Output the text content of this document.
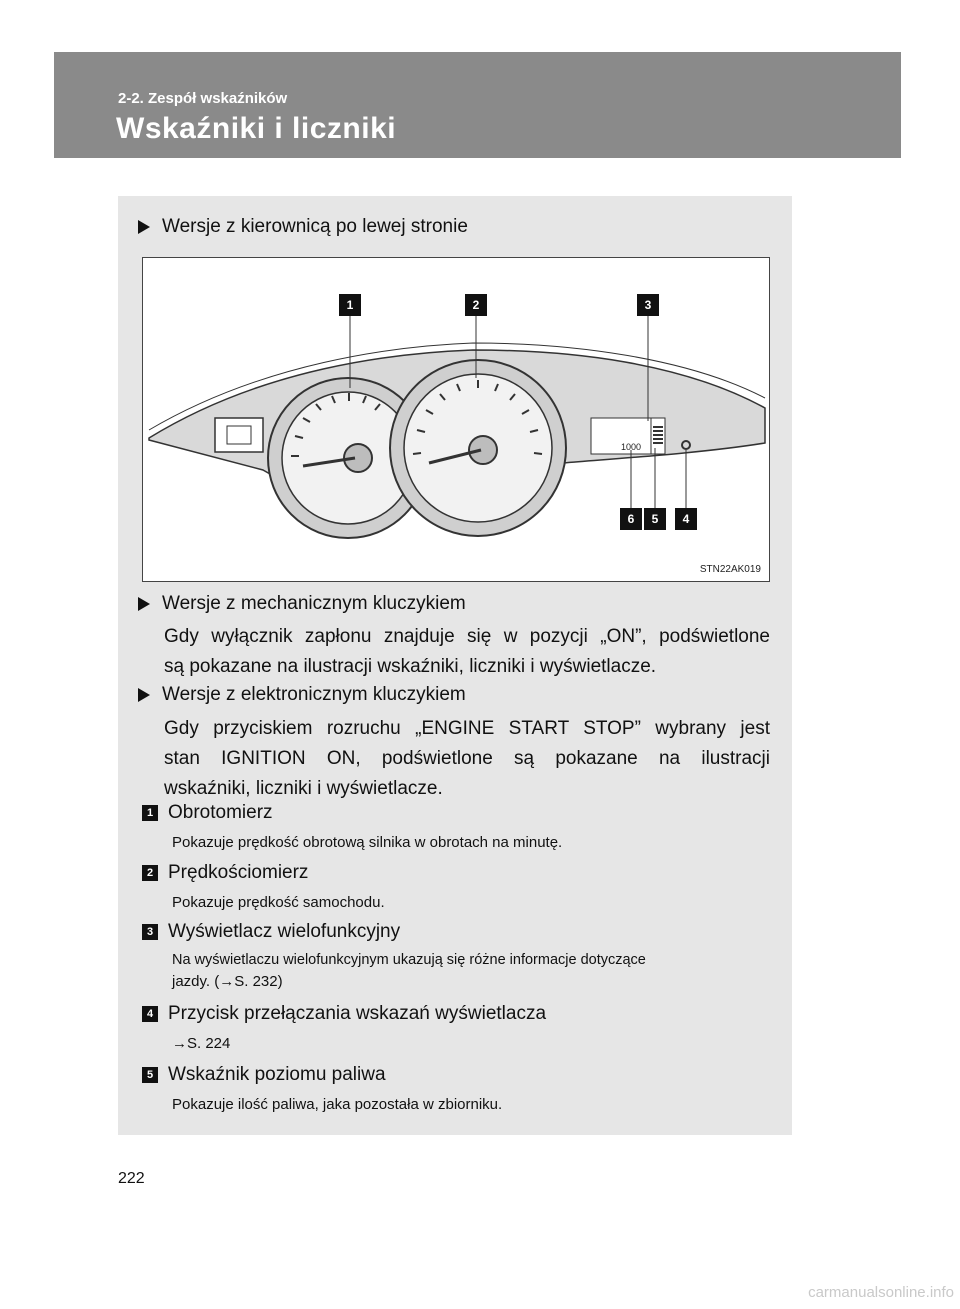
2-2. Zespół wskaźników
Wskaźniki i liczniki
Wersje z kierownicą po lewej stronie
1000
1	2	3
6	5	4
STN22AK019
Wersje z mechanicznym kluczykiem
Gdy wyłącznik zapłonu znajduje się w pozycji „ON”, podświetlone
są pokazane na ilustracji wskaźniki, liczniki i wyświetlacze.
Wersje z elektronicznym kluczykiem
Gdy przyciskiem rozruchu „ENGINE START STOP” wybrany jest
stan IGNITION ON, podświetlone są pokazane na ilustracji
wskaźniki, liczniki i wyświetlacze.
1 Obrotomierz
Pokazuje prędkość obrotową silnika w obrotach na minutę.
2 Prędkościomierz
Pokazuje prędkość samochodu.
3 Wyświetlacz wielofunkcyjny
Na wyświetlaczu wielofunkcyjnym ukazują się różne informacje dotyczące
jazdy. (→S. 232)
4 Przycisk przełączania wskazań wyświetlacza
→S. 224
5 Wskaźnik poziomu paliwa
Pokazuje ilość paliwa, jaka pozostała w zbiorniku.
222
carmanualsonline.info
